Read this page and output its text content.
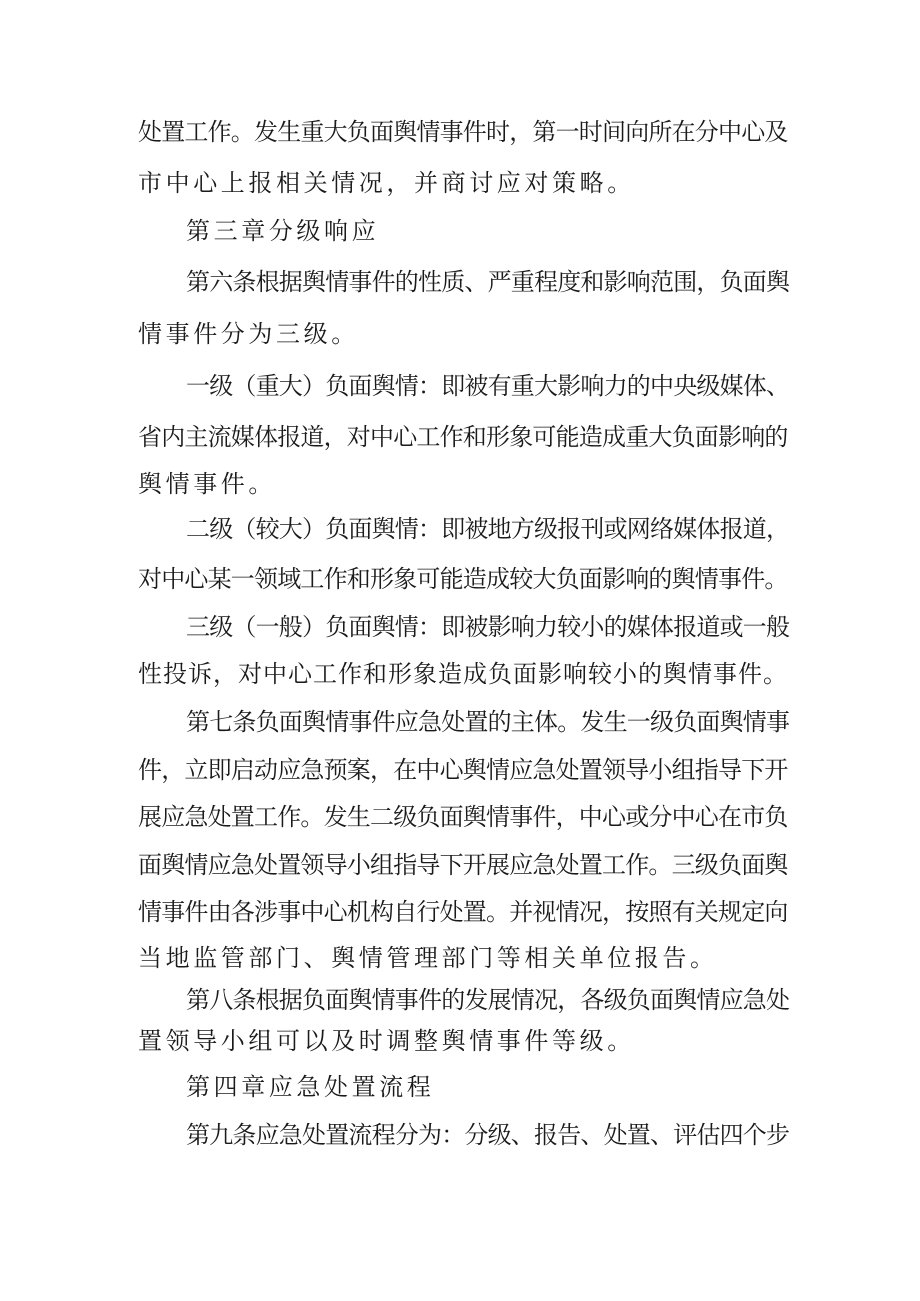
处置工作。发生重大负面舆情事件时，第一时间向所在分中心及
市中心上报相关情况，并商讨应对策略。
第三章分级响应
第六条根据舆情事件的性质、严重程度和影响范围，负面舆
情事件分为三级。
一级（重大）负面舆情：即被有重大影响力的中央级媒体、
省内主流媒体报道，对中心工作和形象可能造成重大负面影响的
舆情事件。
二级（较大）负面舆情：即被地方级报刊或网络媒体报道，
对中心某一领域工作和形象可能造成较大负面影响的舆情事件。
三级（一般）负面舆情：即被影响力较小的媒体报道或一般
性投诉，对中心工作和形象造成负面影响较小的舆情事件。
第七条负面舆情事件应急处置的主体。发生一级负面舆情事
件，立即启动应急预案，在中心舆情应急处置领导小组指导下开
展应急处置工作。发生二级负面舆情事件，中心或分中心在市负
面舆情应急处置领导小组指导下开展应急处置工作。三级负面舆
情事件由各涉事中心机构自行处置。并视情况，按照有关规定向
当地监管部门、舆情管理部门等相关单位报告。
第八条根据负面舆情事件的发展情况，各级负面舆情应急处
置领导小组可以及时调整舆情事件等级。
第四章应急处置流程
第九条应急处置流程分为：分级、报告、处置、评估四个步
